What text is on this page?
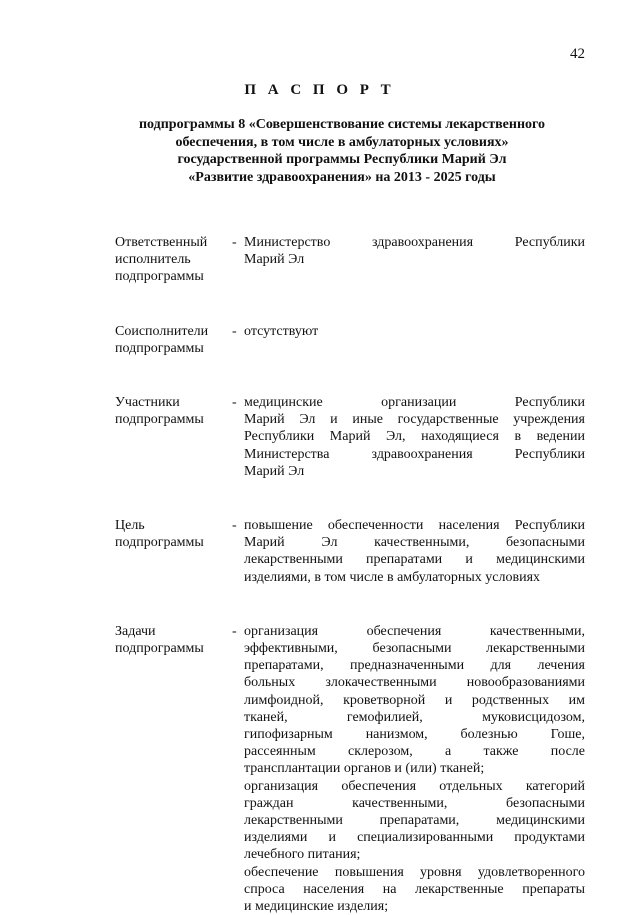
42
П А С П О Р Т
подпрограммы 8 «Совершенствование системы лекарственного
обеспечения, в том числе в амбулаторных условиях»
государственной программы Республики Марий Эл
«Развитие здравоохранения» на 2013 - 2025 годы
Ответственный
исполнитель
подпрограммы
- Министерство здравоохранения Республики
Марий Эл
Соисполнители
подпрограммы
- отсутствуют
Участники
подпрограммы
- медицинские организации Республики
Марий Эл и иные государственные учреждения
Республики Марий Эл, находящиеся в ведении
Министерства здравоохранения Республики
Марий Эл
Цель
подпрограммы
- повышение обеспеченности населения Республики
Марий Эл качественными, безопасными
лекарственными препаратами и медицинскими
изделиями, в том числе в амбулаторных условиях
Задачи
подпрограммы
- организация обеспечения качественными,
эффективными, безопасными лекарственными
препаратами, предназначенными для лечения
больных злокачественными новообразованиями
лимфоидной, кроветворной и родственных им
тканей, гемофилией, муковисцидозом,
гипофизарным нанизмом, болезнью Гоше,
рассеянным склерозом, а также после
трансплантации органов и (или) тканей;
организация обеспечения отдельных категорий
граждан качественными, безопасными
лекарственными препаратами, медицинскими
изделиями и специализированными продуктами
лечебного питания;
обеспечение повышения уровня удовлетворенного
спроса населения на лекарственные препараты
и медицинские изделия;
